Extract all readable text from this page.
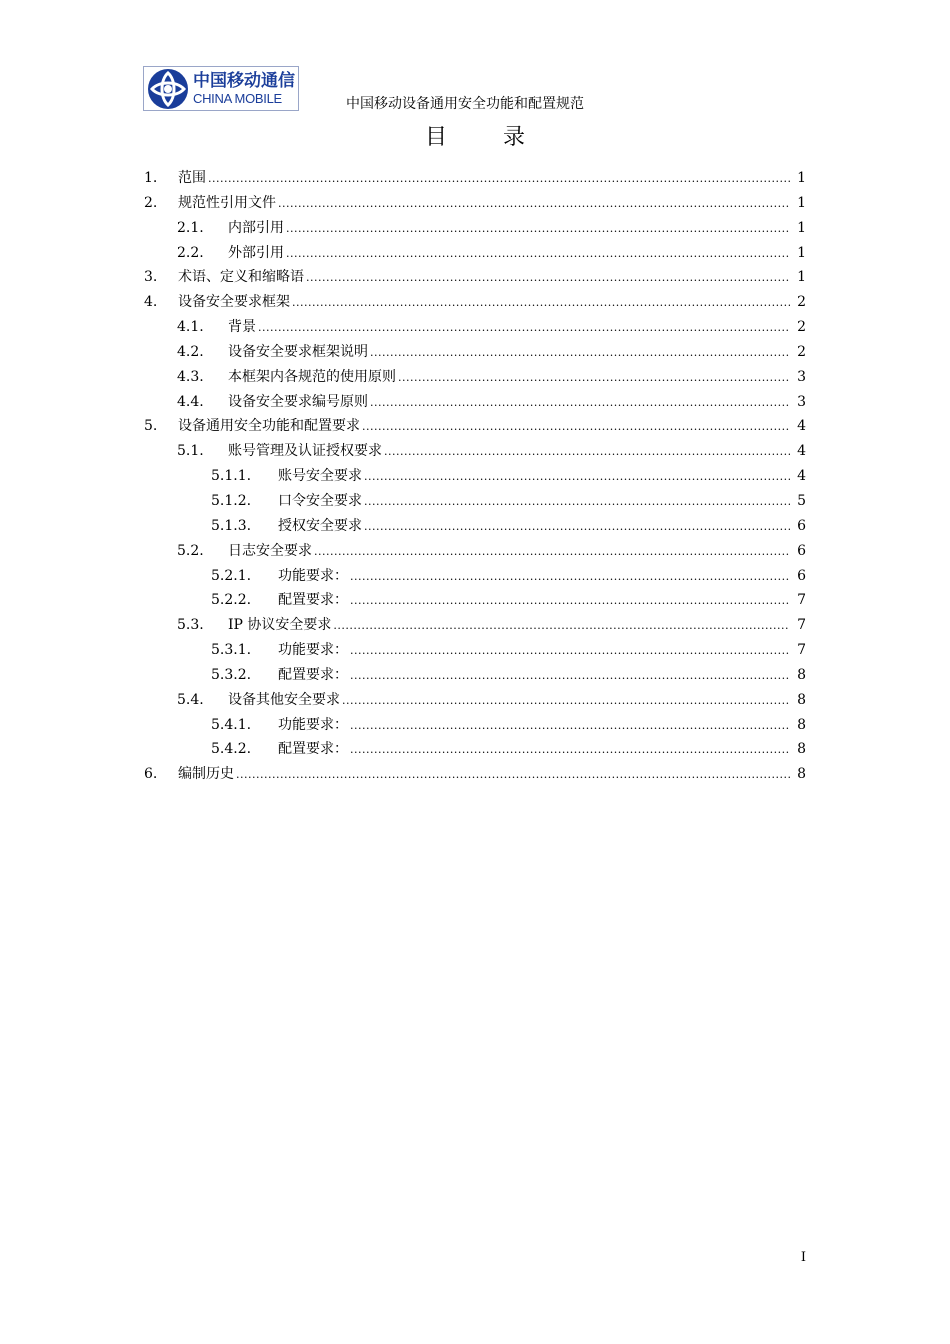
中国移动通信
CHINA MOBILE	中国移动设备通用安全功能和配置规范
目	录
1.	范围 .....	1
2.	规范性引用文件 .....	1
2.1.	内部引用 .....	1
2.2.	外部引用 .....	1
3.	术语、定义和缩略语 .....	1
4.	设备安全要求框架 .....	2
4.1.	背景 .....	2
4.2.	设备安全要求框架说明 .....	2
4.3.	本框架内各规范的使用原则 .....	3
4.4.	设备安全要求编号原则 .....	3
5.	设备通用安全功能和配置要求 .....	4
5.1.	账号管理及认证授权要求 .....	4
5.1.1.	账号安全要求 .....	4
5.1.2.	口令安全要求 .....	5
5.1.3.	授权安全要求 .....	6
5.2.	日志安全要求 .....	6
5.2.1.	功能要求： .....	6
5.2.2.	配置要求： .....	7
5.3.	IP 协议安全要求 .....	7
5.3.1.	功能要求： .....	7
5.3.2.	配置要求： .....	8
5.4.	设备其他安全要求 .....	8
5.4.1.	功能要求： .....	8
5.4.2.	配置要求： .....	8
6.	编制历史 .....	8
I
